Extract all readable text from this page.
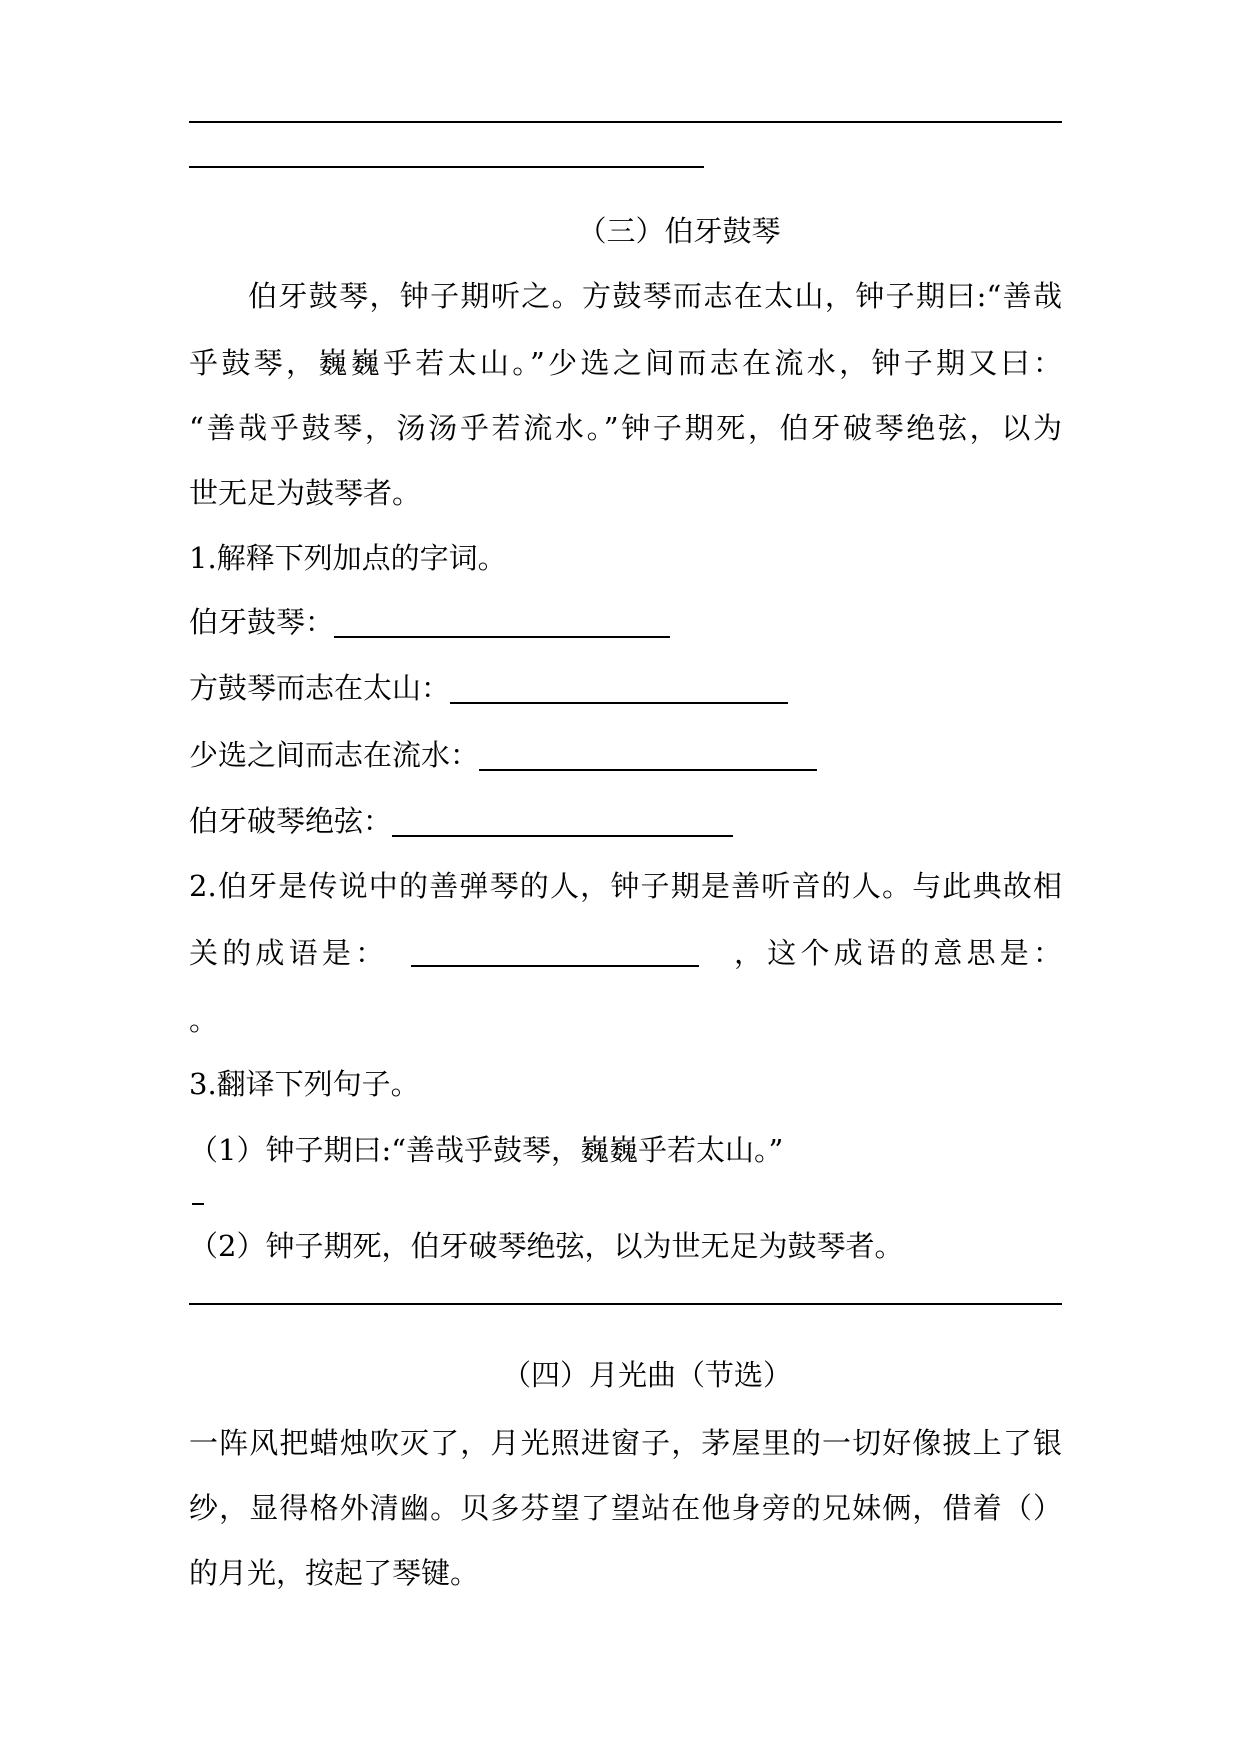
（三）伯牙鼓琴
伯牙鼓琴，钟子期听之。方鼓琴而志在太山，钟子期曰:“善哉
乎鼓琴，巍巍乎若太山。”少选之间而志在流水，钟子期又曰：
“善哉乎鼓琴，汤汤乎若流水。”钟子期死，伯牙破琴绝弦，以为
世无足为鼓琴者。
1.解释下列加点的字词。
伯牙鼓琴：
方鼓琴而志在太山：
少选之间而志在流水：
伯牙破琴绝弦：
2.伯牙是传说中的善弹琴的人，钟子期是善听音的人。与此典故相
关 的 成 语 是 ：	， 这 个 成 语 的 意 思 是 ：
。
3.翻译下列句子。
（1）钟子期曰:“善哉乎鼓琴，巍巍乎若太山。”
（2）钟子期死，伯牙破琴绝弦，以为世无足为鼓琴者。
（四）月光曲（节选）
一阵风把蜡烛吹灭了，月光照进窗子，茅屋里的一切好像披上了银
纱，显得格外清幽。贝多芬望了望站在他身旁的兄妹俩，借着（）
的月光，按起了琴键。
